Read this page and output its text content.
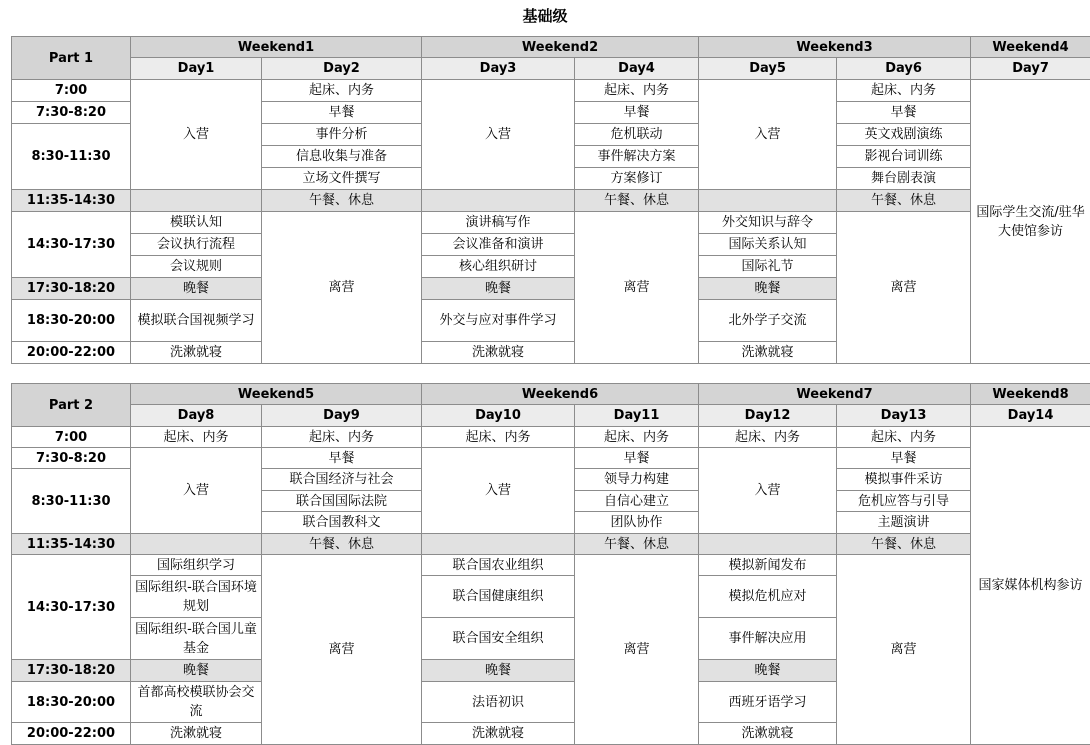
基础级
Part 1	Weekend1		Weekend2		Weekend3		Weekend4
	Day1	Day2	Day3	Day4	Day5	Day6	Day7
7:00	入营	起床、内务	入营	起床、内务	入营	起床、内务	国际学生交流/驻华大使馆参访
7:30-8:20		早餐		早餐		早餐	
8:30-11:30		事件分析		危机联动		英文戏剧演练	
		信息收集与准备		事件解决方案		影视台词训练	
		立场文件撰写		方案修订		舞台剧表演	
11:35-14:30		午餐、休息		午餐、休息		午餐、休息	
14:30-17:30	模联认知	离营	演讲稿写作	离营	外交知识与辞令	离营	
	会议执行流程		会议准备和演讲		国际关系认知		
	会议规则		核心组织研讨		国际礼节		
17:30-18:20	晚餐		晚餐		晚餐		
18:30-20:00	模拟联合国视频学习		外交与应对事件学习		北外学子交流		

20:00-22:00	洗漱就寝		洗漱就寝		洗漱就寝		
Part 2	Weekend5		Weekend6		Weekend7		Weekend8
	Day8	Day9	Day10	Day11	Day12	Day13	Day14
7:00	起床、内务	起床、内务	起床、内务	起床、内务	起床、内务	起床、内务	国家媒体机构参访
7:30-8:20	入营	早餐	入营	早餐	入营	早餐	
8:30-11:30		联合国经济与社会		领导力构建		模拟事件采访	
		联合国国际法院		自信心建立		危机应答与引导	
		联合国教科文		团队协作		主题演讲	
11:35-14:30		午餐、休息		午餐、休息		午餐、休息	
14:30-17:30	国际组织学习	离营	联合国农业组织	离营	模拟新闻发布	离营	
	国际组织-联合国环境规划		联合国健康组织		模拟危机应对		
	国际组织-联合国儿童基金		联合国安全组织		事件解决应用		
17:30-18:20	晚餐		晚餐		晚餐		
18:30-20:00	首都高校模联协会交流		法语初识		西班牙语学习		

20:00-22:00	洗漱就寝		洗漱就寝		洗漱就寝		
